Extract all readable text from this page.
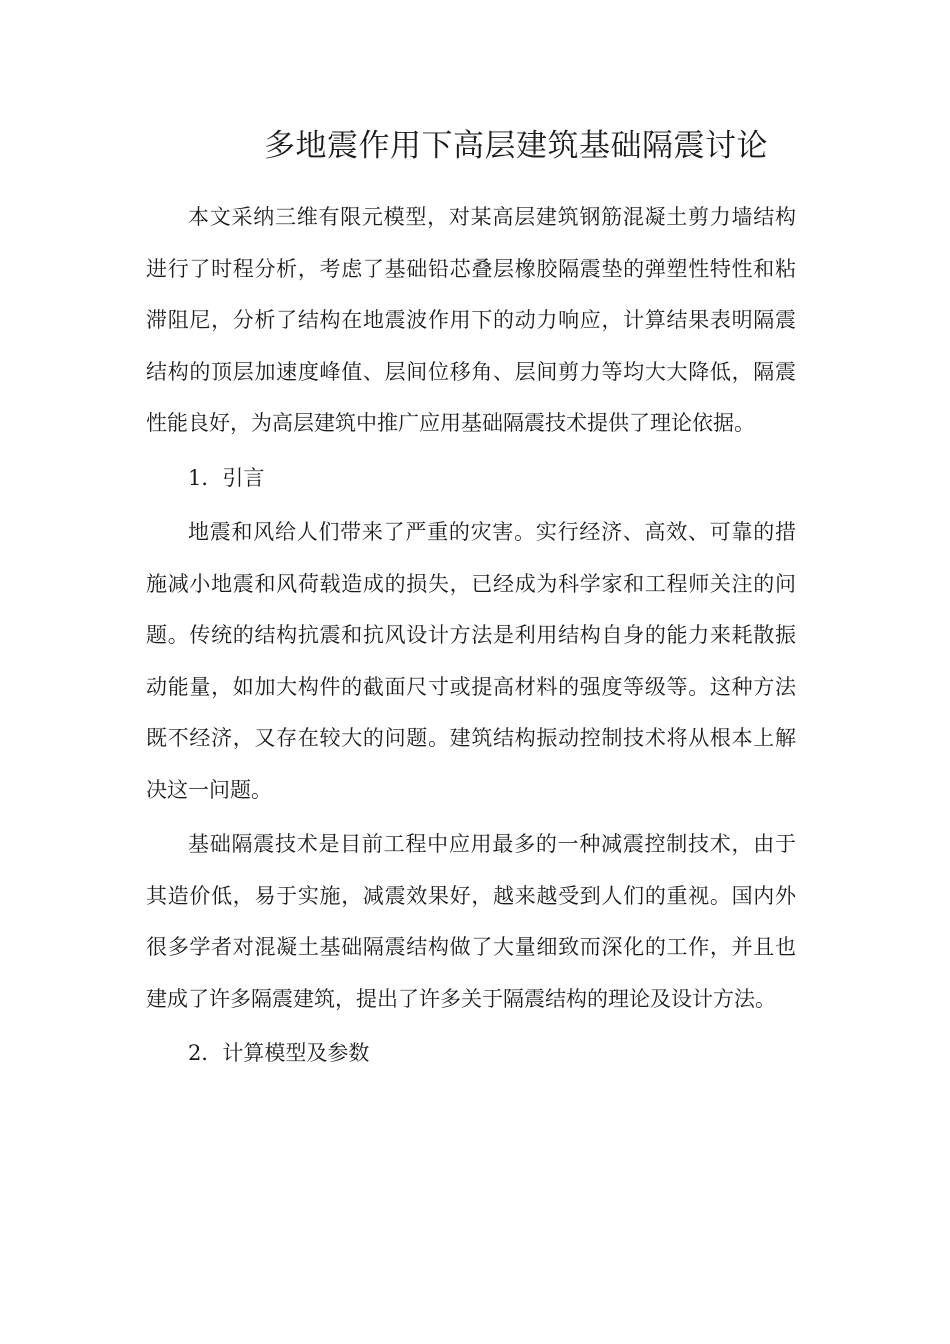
多地震作用下高层建筑基础隔震讨论

本文采纳三维有限元模型，对某高层建筑钢筋混凝土剪力墙结构进行了时程分析，考虑了基础铅芯叠层橡胶隔震垫的弹塑性特性和粘滞阻尼，分析了结构在地震波作用下的动力响应，计算结果表明隔震结构的顶层加速度峰值、层间位移角、层间剪力等均大大降低，隔震性能良好，为高层建筑中推广应用基础隔震技术提供了理论依据。

1．引言

地震和风给人们带来了严重的灾害。实行经济、高效、可靠的措施减小地震和风荷载造成的损失，已经成为科学家和工程师关注的问题。传统的结构抗震和抗风设计方法是利用结构自身的能力来耗散振动能量，如加大构件的截面尺寸或提高材料的强度等级等。这种方法既不经济，又存在较大的问题。建筑结构振动控制技术将从根本上解决这一问题。

基础隔震技术是目前工程中应用最多的一种减震控制技术，由于其造价低，易于实施，减震效果好，越来越受到人们的重视。国内外很多学者对混凝土基础隔震结构做了大量细致而深化的工作，并且也建成了许多隔震建筑，提出了许多关于隔震结构的理论及设计方法。

2．计算模型及参数
